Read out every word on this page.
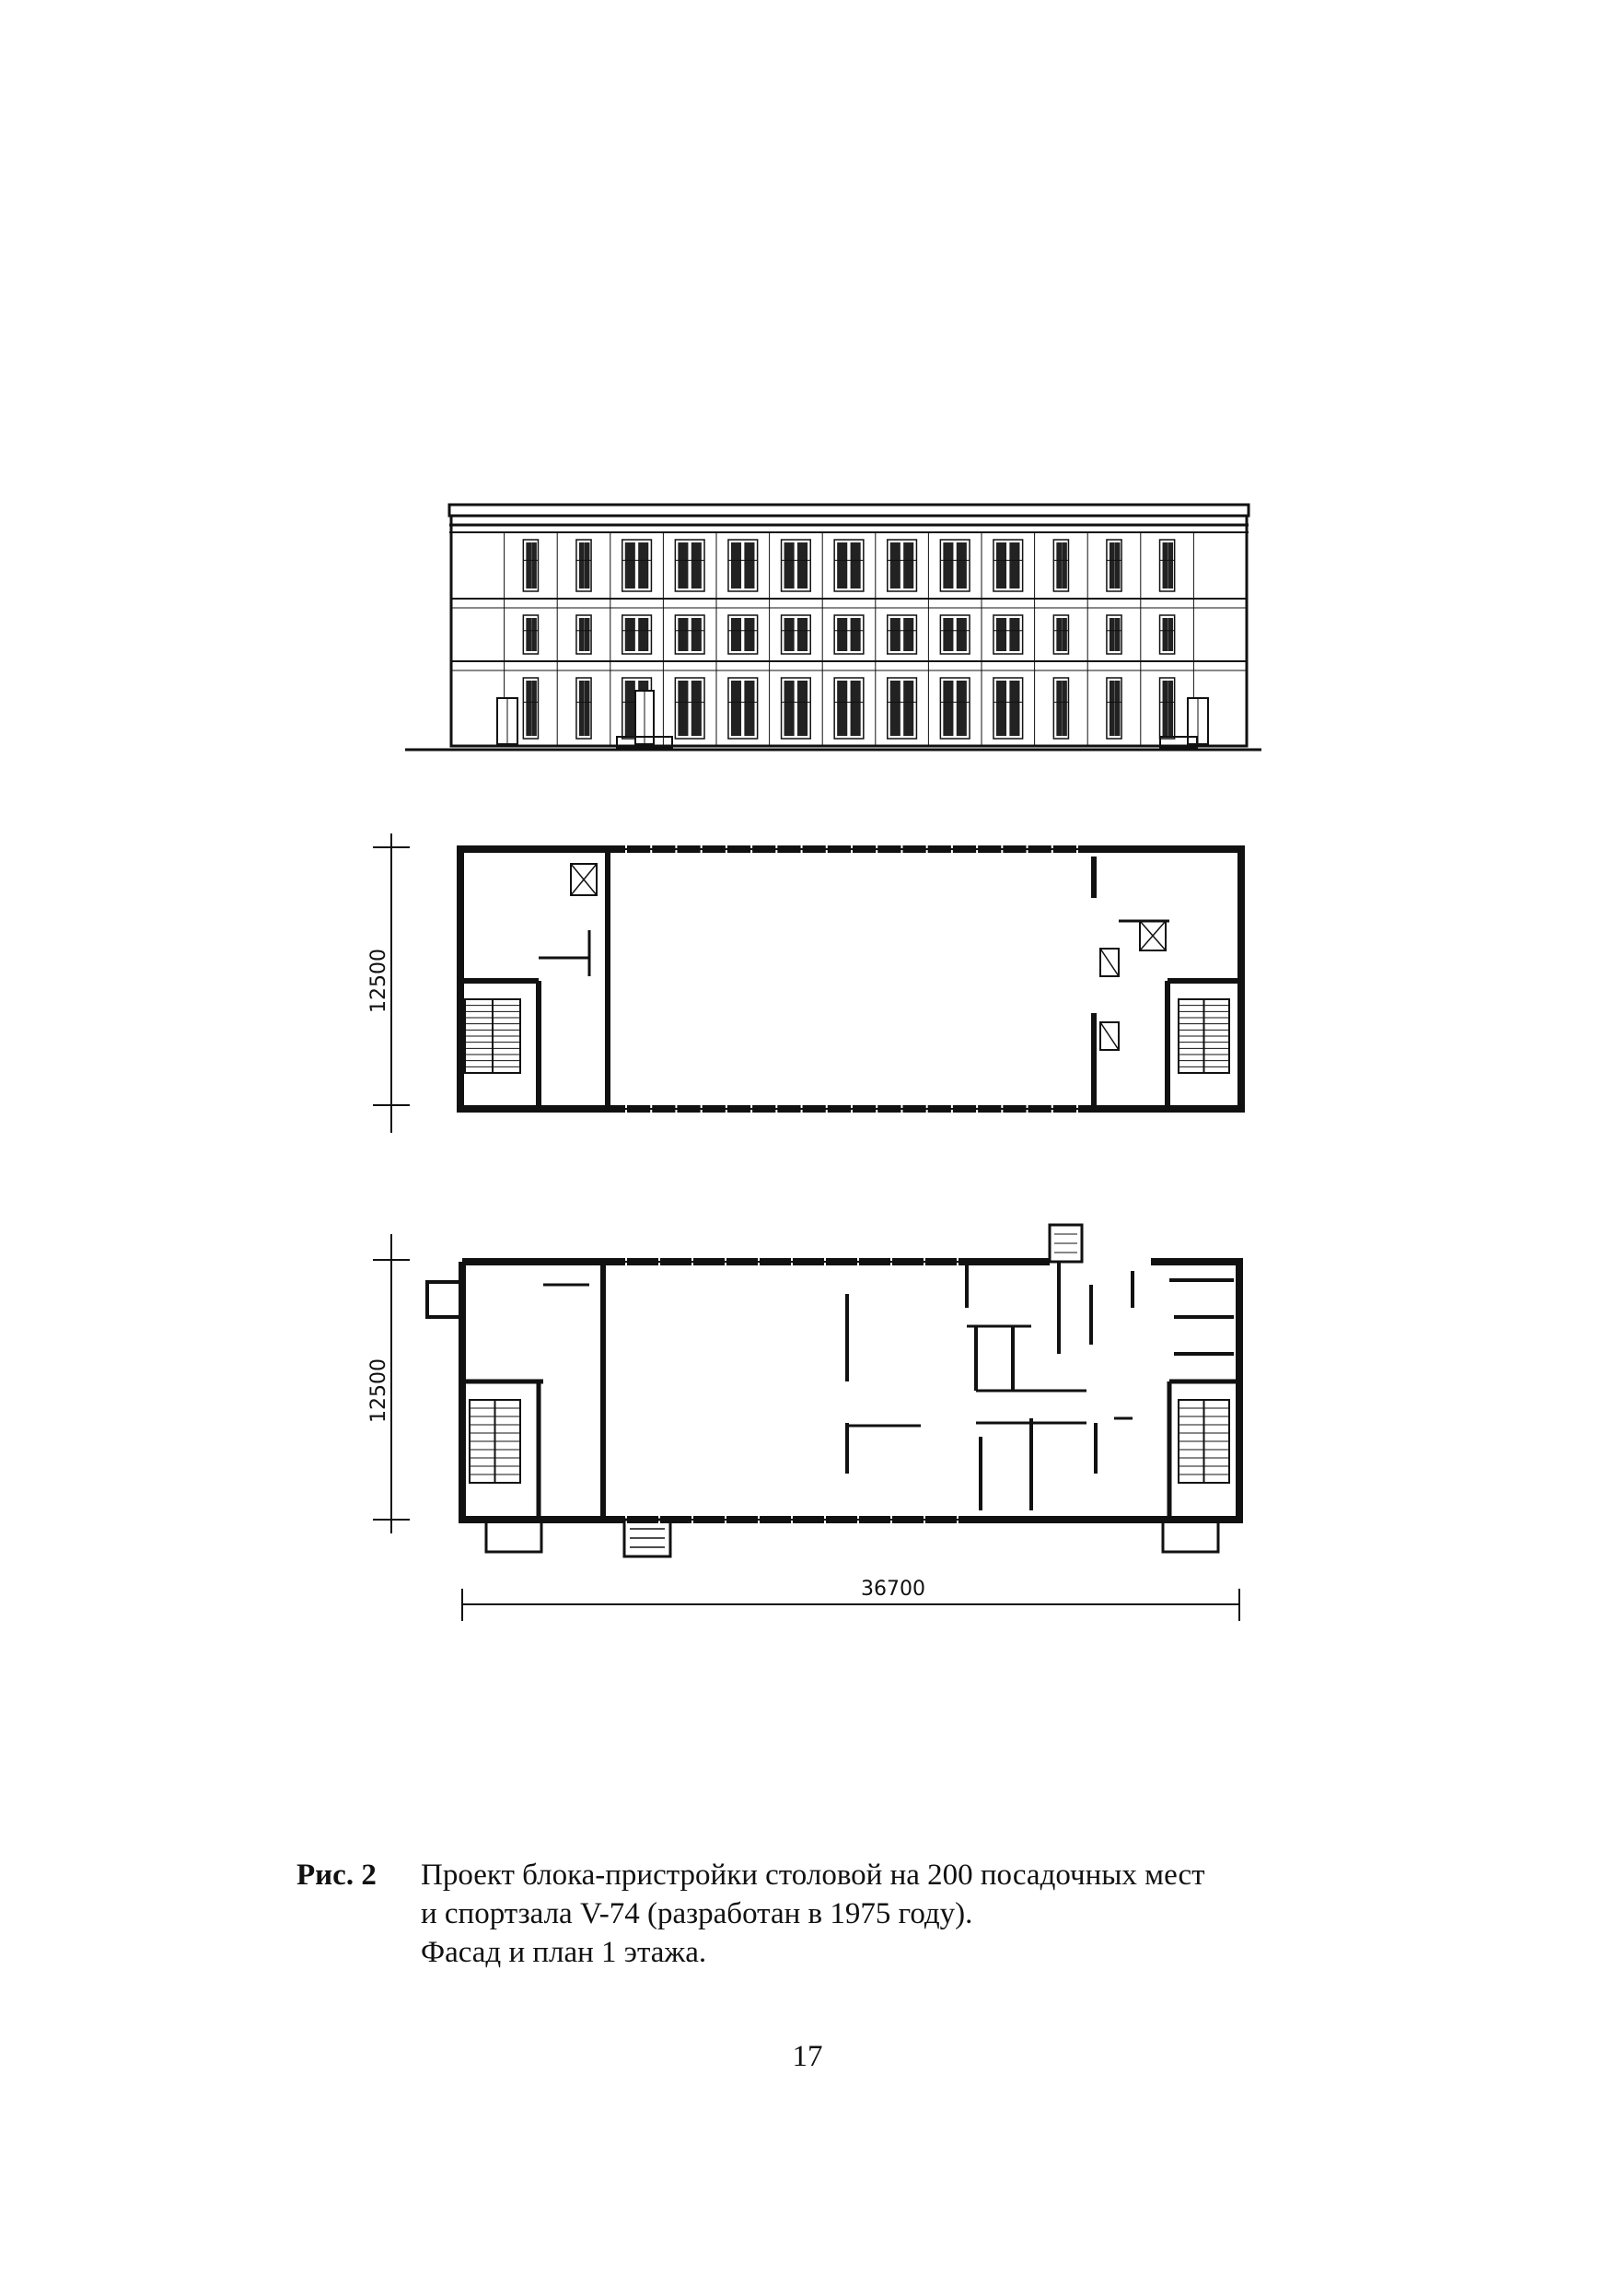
12500
12500
36700
Рис. 2 Проект блока-пристройки столовой на 200 посадочных мест
и спортзала V-74 (разработан в 1975 году).
Фасад и план 1 этажа.
17
